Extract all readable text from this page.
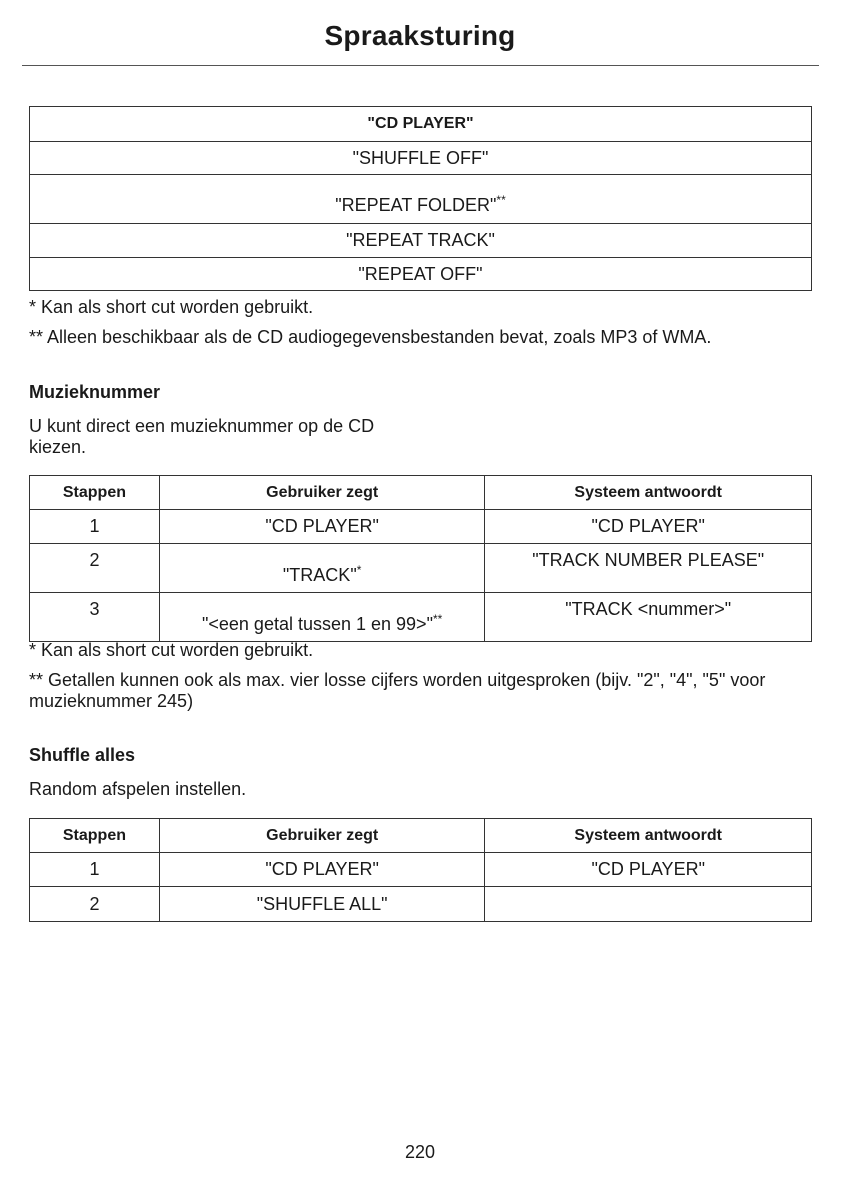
Spraaksturing
"CD PLAYER"
"SHUFFLE OFF"
"REPEAT FOLDER"**
"REPEAT TRACK"
"REPEAT OFF"
* Kan als short cut worden gebruikt.
** Alleen beschikbaar als de CD audiogegevensbestanden bevat, zoals MP3 of WMA.
Muzieknummer
U kunt direct een muzieknummer op de CD
kiezen.
Stappen	Gebruiker zegt	Systeem antwoordt
1	"CD PLAYER"	"CD PLAYER"
2	"TRACK"*	"TRACK NUMBER PLEASE"
3	"<een getal tussen 1 en 99>"**	"TRACK <nummer>"
* Kan als short cut worden gebruikt.
** Getallen kunnen ook als max. vier losse cijfers worden uitgesproken (bijv. "2", "4", "5" voor muzieknummer 245)
Shuffle alles
Random afspelen instellen.
Stappen	Gebruiker zegt	Systeem antwoordt
1	"CD PLAYER"	"CD PLAYER"
2	"SHUFFLE ALL"	
220
